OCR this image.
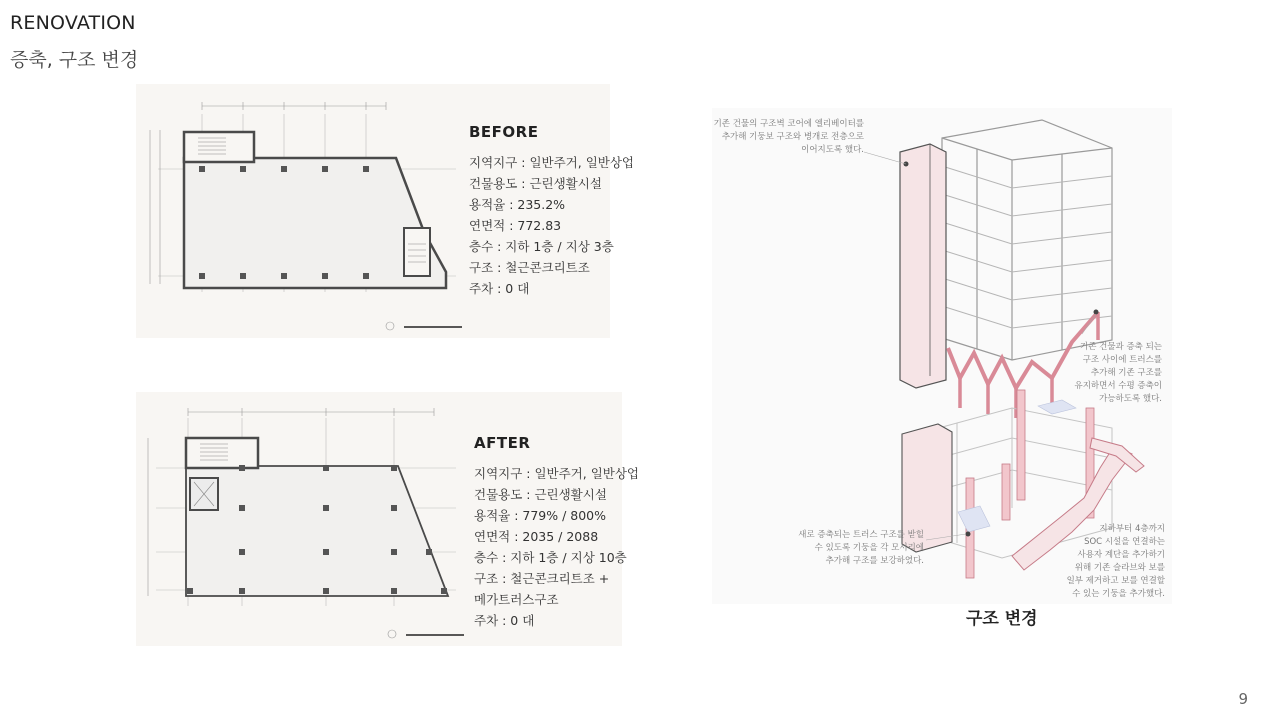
RENOVATION
증축, 구조 변경
BEFORE
지역지구 : 일반주거, 일반상업
건물용도 : 근린생활시설
용적율 : 235.2%
연면적 : 772.83
층수 : 지하 1층 / 지상 3층
구조 : 철근콘크리트조
주차 : 0 대
AFTER
지역지구 : 일반주거, 일반상업
건물용도 : 근린생활시설
용적율 : 779% / 800%
연면적 : 2035 / 2088
층수 : 지하 1층 / 지상 10층
구조 : 철근콘크리트조 +
메가트러스구조
주차 : 0 대
기존 건물의 구조벽 코어에 엘리베이터를
추가해 기둥보 구조와 병개로 전층으로
이어지도록 했다.
기존 건물과 증축 되는
구조 사이에 트러스를
추가해 기존 구조를
유지하면서 수평 증축이
가능하도록 했다.
새로 증축되는 트러스 구조를 받힐
수 있도록 기둥을 각 모서리에
추가해 구조를 보강하였다.
지하부터 4층까지
SOC 시설을 연결하는
사용자 계단을 추가하기
위해 기존 슬라브와 보를
일부 제거하고 보를 연결할
수 있는 기둥을 추가했다.
구조 변경
9
